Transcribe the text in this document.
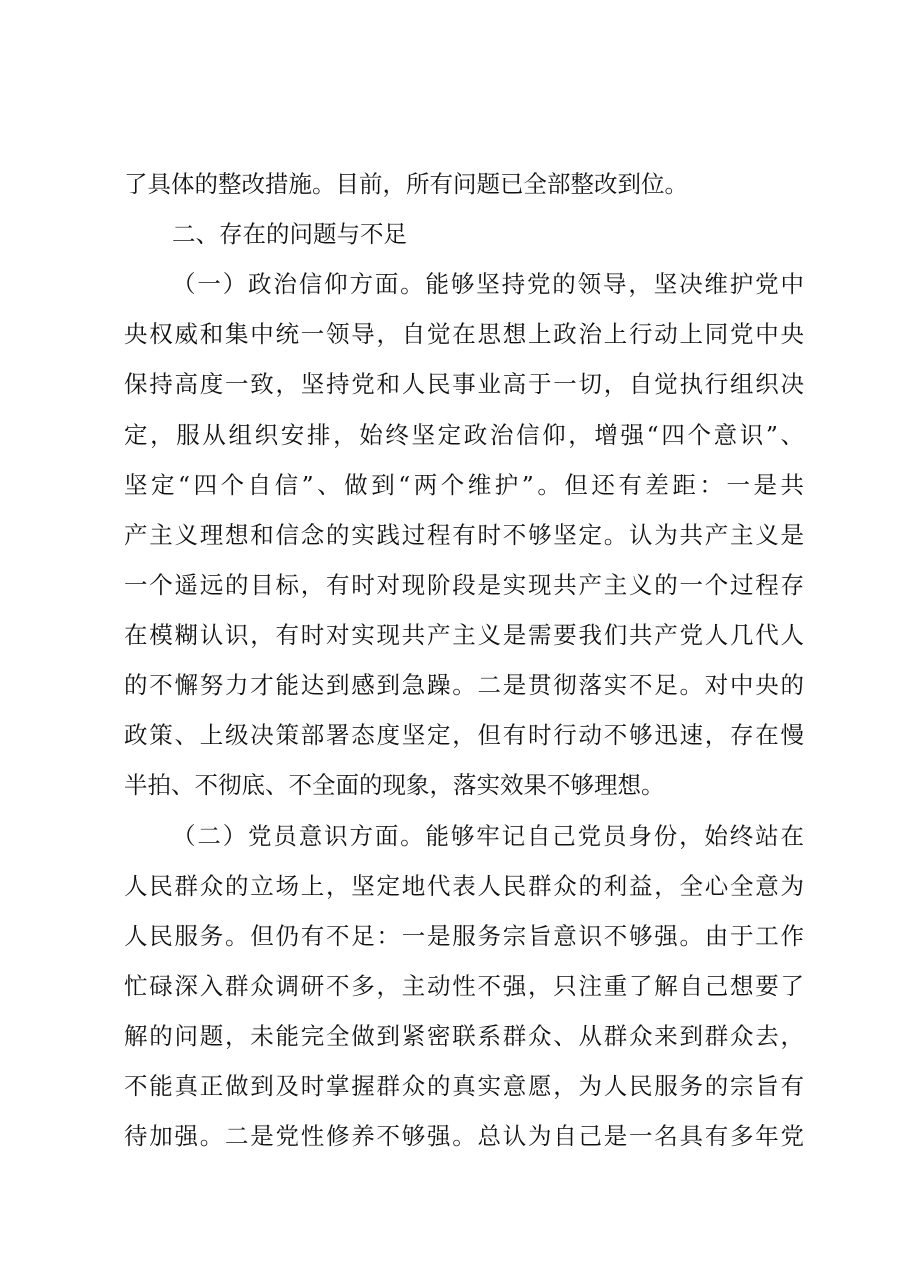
了具体的整改措施。目前，所有问题已全部整改到位。
二、存在的问题与不足
（一）政治信仰方面。能够坚持党的领导，坚决维护党中
央权威和集中统一领导，自觉在思想上政治上行动上同党中央
保持高度一致，坚持党和人民事业高于一切，自觉执行组织决
定，服从组织安排，始终坚定政治信仰，增强“四个意识”、
坚定“四个自信”、做到“两个维护”。但还有差距：一是共
产主义理想和信念的实践过程有时不够坚定。认为共产主义是
一个遥远的目标，有时对现阶段是实现共产主义的一个过程存
在模糊认识，有时对实现共产主义是需要我们共产党人几代人
的不懈努力才能达到感到急躁。二是贯彻落实不足。对中央的
政策、上级决策部署态度坚定，但有时行动不够迅速，存在慢
半拍、不彻底、不全面的现象，落实效果不够理想。
（二）党员意识方面。能够牢记自己党员身份，始终站在
人民群众的立场上，坚定地代表人民群众的利益，全心全意为
人民服务。但仍有不足：一是服务宗旨意识不够强。由于工作
忙碌深入群众调研不多，主动性不强，只注重了解自己想要了
解的问题，未能完全做到紧密联系群众、从群众来到群众去，
不能真正做到及时掌握群众的真实意愿，为人民服务的宗旨有
待加强。二是党性修养不够强。总认为自己是一名具有多年党
